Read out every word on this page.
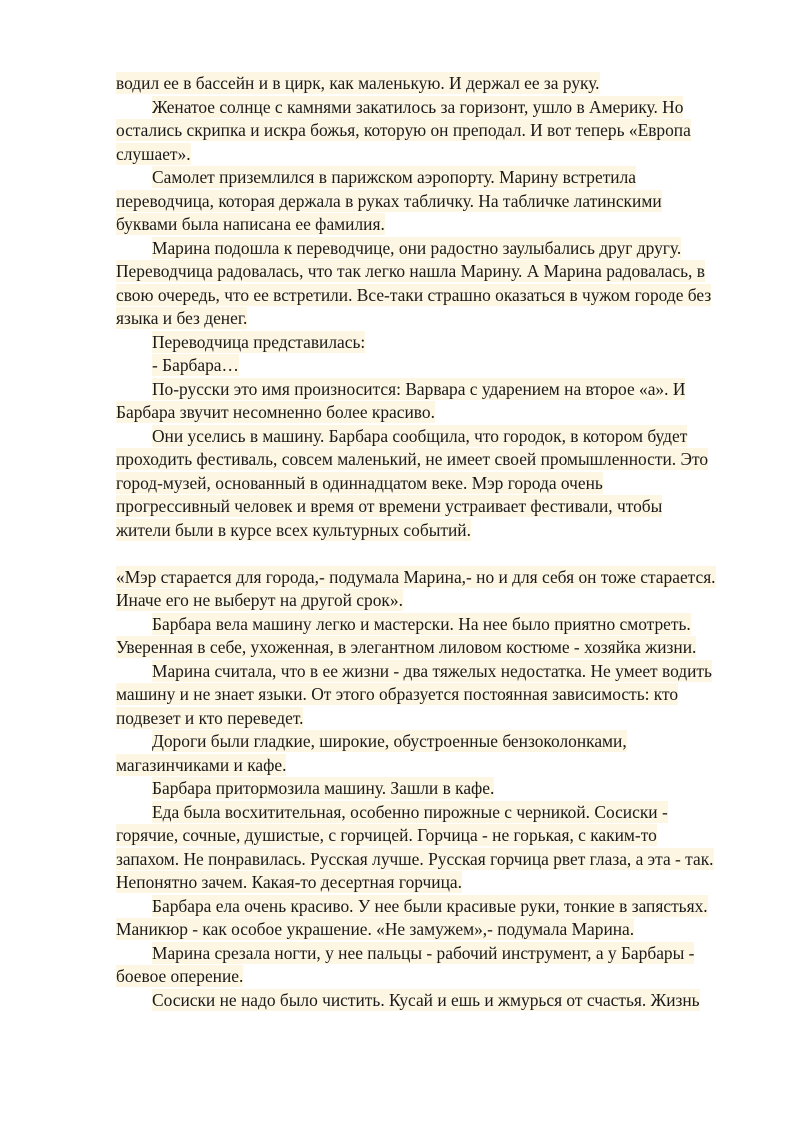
водил ее в бассейн и в цирк, как маленькую. И держал ее за руку.
Женатое солнце с камнями закатилось за горизонт, ушло в Америку. Но
остались скрипка и искра божья, которую он преподал. И вот теперь «Европа
слушает».
Самолет приземлился в парижском аэропорту. Марину встретила
переводчица, которая держала в руках табличку. На табличке латинскими
буквами была написана ее фамилия.
Марина подошла к переводчице, они радостно заулыбались друг другу.
Переводчица радовалась, что так легко нашла Марину. А Марина радовалась, в
свою очередь, что ее встретили. Все-таки страшно оказаться в чужом городе без
языка и без денег.
Переводчица представилась:
- Барбара…
По-русски это имя произносится: Варвара с ударением на второе «а». И
Барбара звучит несомненно более красиво.
Они уселись в машину. Барбара сообщила, что городок, в котором будет
проходить фестиваль, совсем маленький, не имеет своей промышленности. Это
город-музей, основанный в одиннадцатом веке. Мэр города очень
прогрессивный человек и время от времени устраивает фестивали, чтобы
жители были в курсе всех культурных событий.
«Мэр старается для города,- подумала Марина,- но и для себя он тоже старается.
Иначе его не выберут на другой срок».
Барбара вела машину легко и мастерски. На нее было приятно смотреть.
Уверенная в себе, ухоженная, в элегантном лиловом костюме - хозяйка жизни.
Марина считала, что в ее жизни - два тяжелых недостатка. Не умеет водить
машину и не знает языки. От этого образуется постоянная зависимость: кто
подвезет и кто переведет.
Дороги были гладкие, широкие, обустроенные бензоколонками,
магазинчиками и кафе.
Барбара притормозила машину. Зашли в кафе.
Еда была восхитительная, особенно пирожные с черникой. Сосиски -
горячие, сочные, душистые, с горчицей. Горчица - не горькая, с каким-то
запахом. Не понравилась. Русская лучше. Русская горчица рвет глаза, а эта - так.
Непонятно зачем. Какая-то десертная горчица.
Барбара ела очень красиво. У нее были красивые руки, тонкие в запястьях.
Маникюр - как особое украшение. «Не замужем»,- подумала Марина.
Марина срезала ногти, у нее пальцы - рабочий инструмент, а у Барбары -
боевое оперение.
Сосиски не надо было чистить. Кусай и ешь и жмурься от счастья. Жизнь
